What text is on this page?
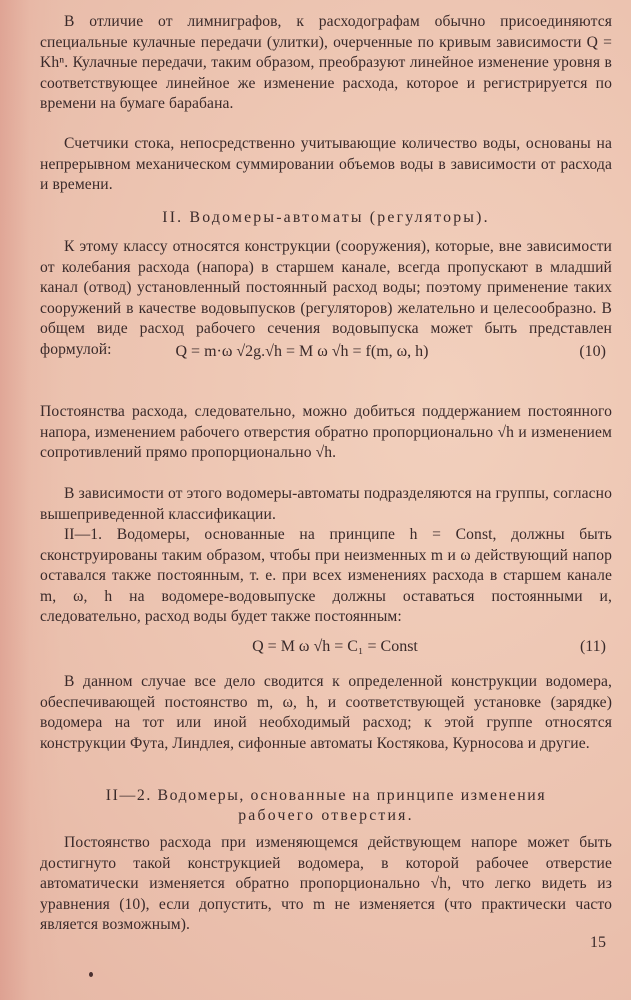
В отличие от лимниграфов, к расходографам обычно присоединяются специальные кулачные передачи (улитки), очерченные по кривым зависимости Q = Khⁿ. Кулачные передачи, таким образом, преобразуют линейное изменение уровня в соответствующее линейное же изменение расхода, которое и регистрируется по времени на бумаге барабана.

Счетчики стока, непосредственно учитывающие количество воды, основаны на непрерывном механическом суммировании объемов воды в зависимости от расхода и времени.

II. Водомеры-автоматы (регуляторы).

К этому классу относятся конструкции (сооружения), которые, вне зависимости от колебания расхода (напора) в старшем канале, всегда пропускают в младший канал (отвод) установленный постоянный расход воды; поэтому применение таких сооружений в качестве водовыпусков (регуляторов) желательно и целесообразно. В общем виде расход рабочего сечения водовыпуска может быть представлен формулой:	Q = m·ω √2g.√h = M ω √h = f(m, ω, h)	(10)

Постоянства расхода, следовательно, можно добиться поддержанием постоянного напора, изменением рабочего отверстия обратно пропорционально √h и изменением сопротивлений прямо пропорционально √h.

В зависимости от этого водомеры-автоматы подразделяются на группы, согласно вышеприведенной классификации.

II—1. Водомеры, основанные на принципе h = Const, должны быть сконструированы таким образом, чтобы при неизменных m и ω действующий напор оставался также постоянным, т. е. при всех изменениях расхода в старшем канале m, ω, h на водомере-водовыпуске должны оставаться постоянными и, следовательно, расход воды будет также постоянным:

Q = M ω √h = C₁ = Const	(11)

В данном случае все дело сводится к определенной конструкции водомера, обеспечивающей постоянство m, ω, h, и соответствующей установке (зарядке) водомера на тот или иной необходимый расход; к этой группе относятся конструкции Фута, Линдлея, сифонные автоматы Костякова, Курносова и другие.

II—2. Водомеры, основанные на принципе изменения
рабочего отверстия.

Постоянство расхода при изменяющемся действующем напоре может быть достигнуто такой конструкцией водомера, в которой рабочее отверстие автоматически изменяется обратно пропорционально √h, что легко видеть из уравнения (10), если допустить, что m не изменяется (что практически часто является возможным).

15
